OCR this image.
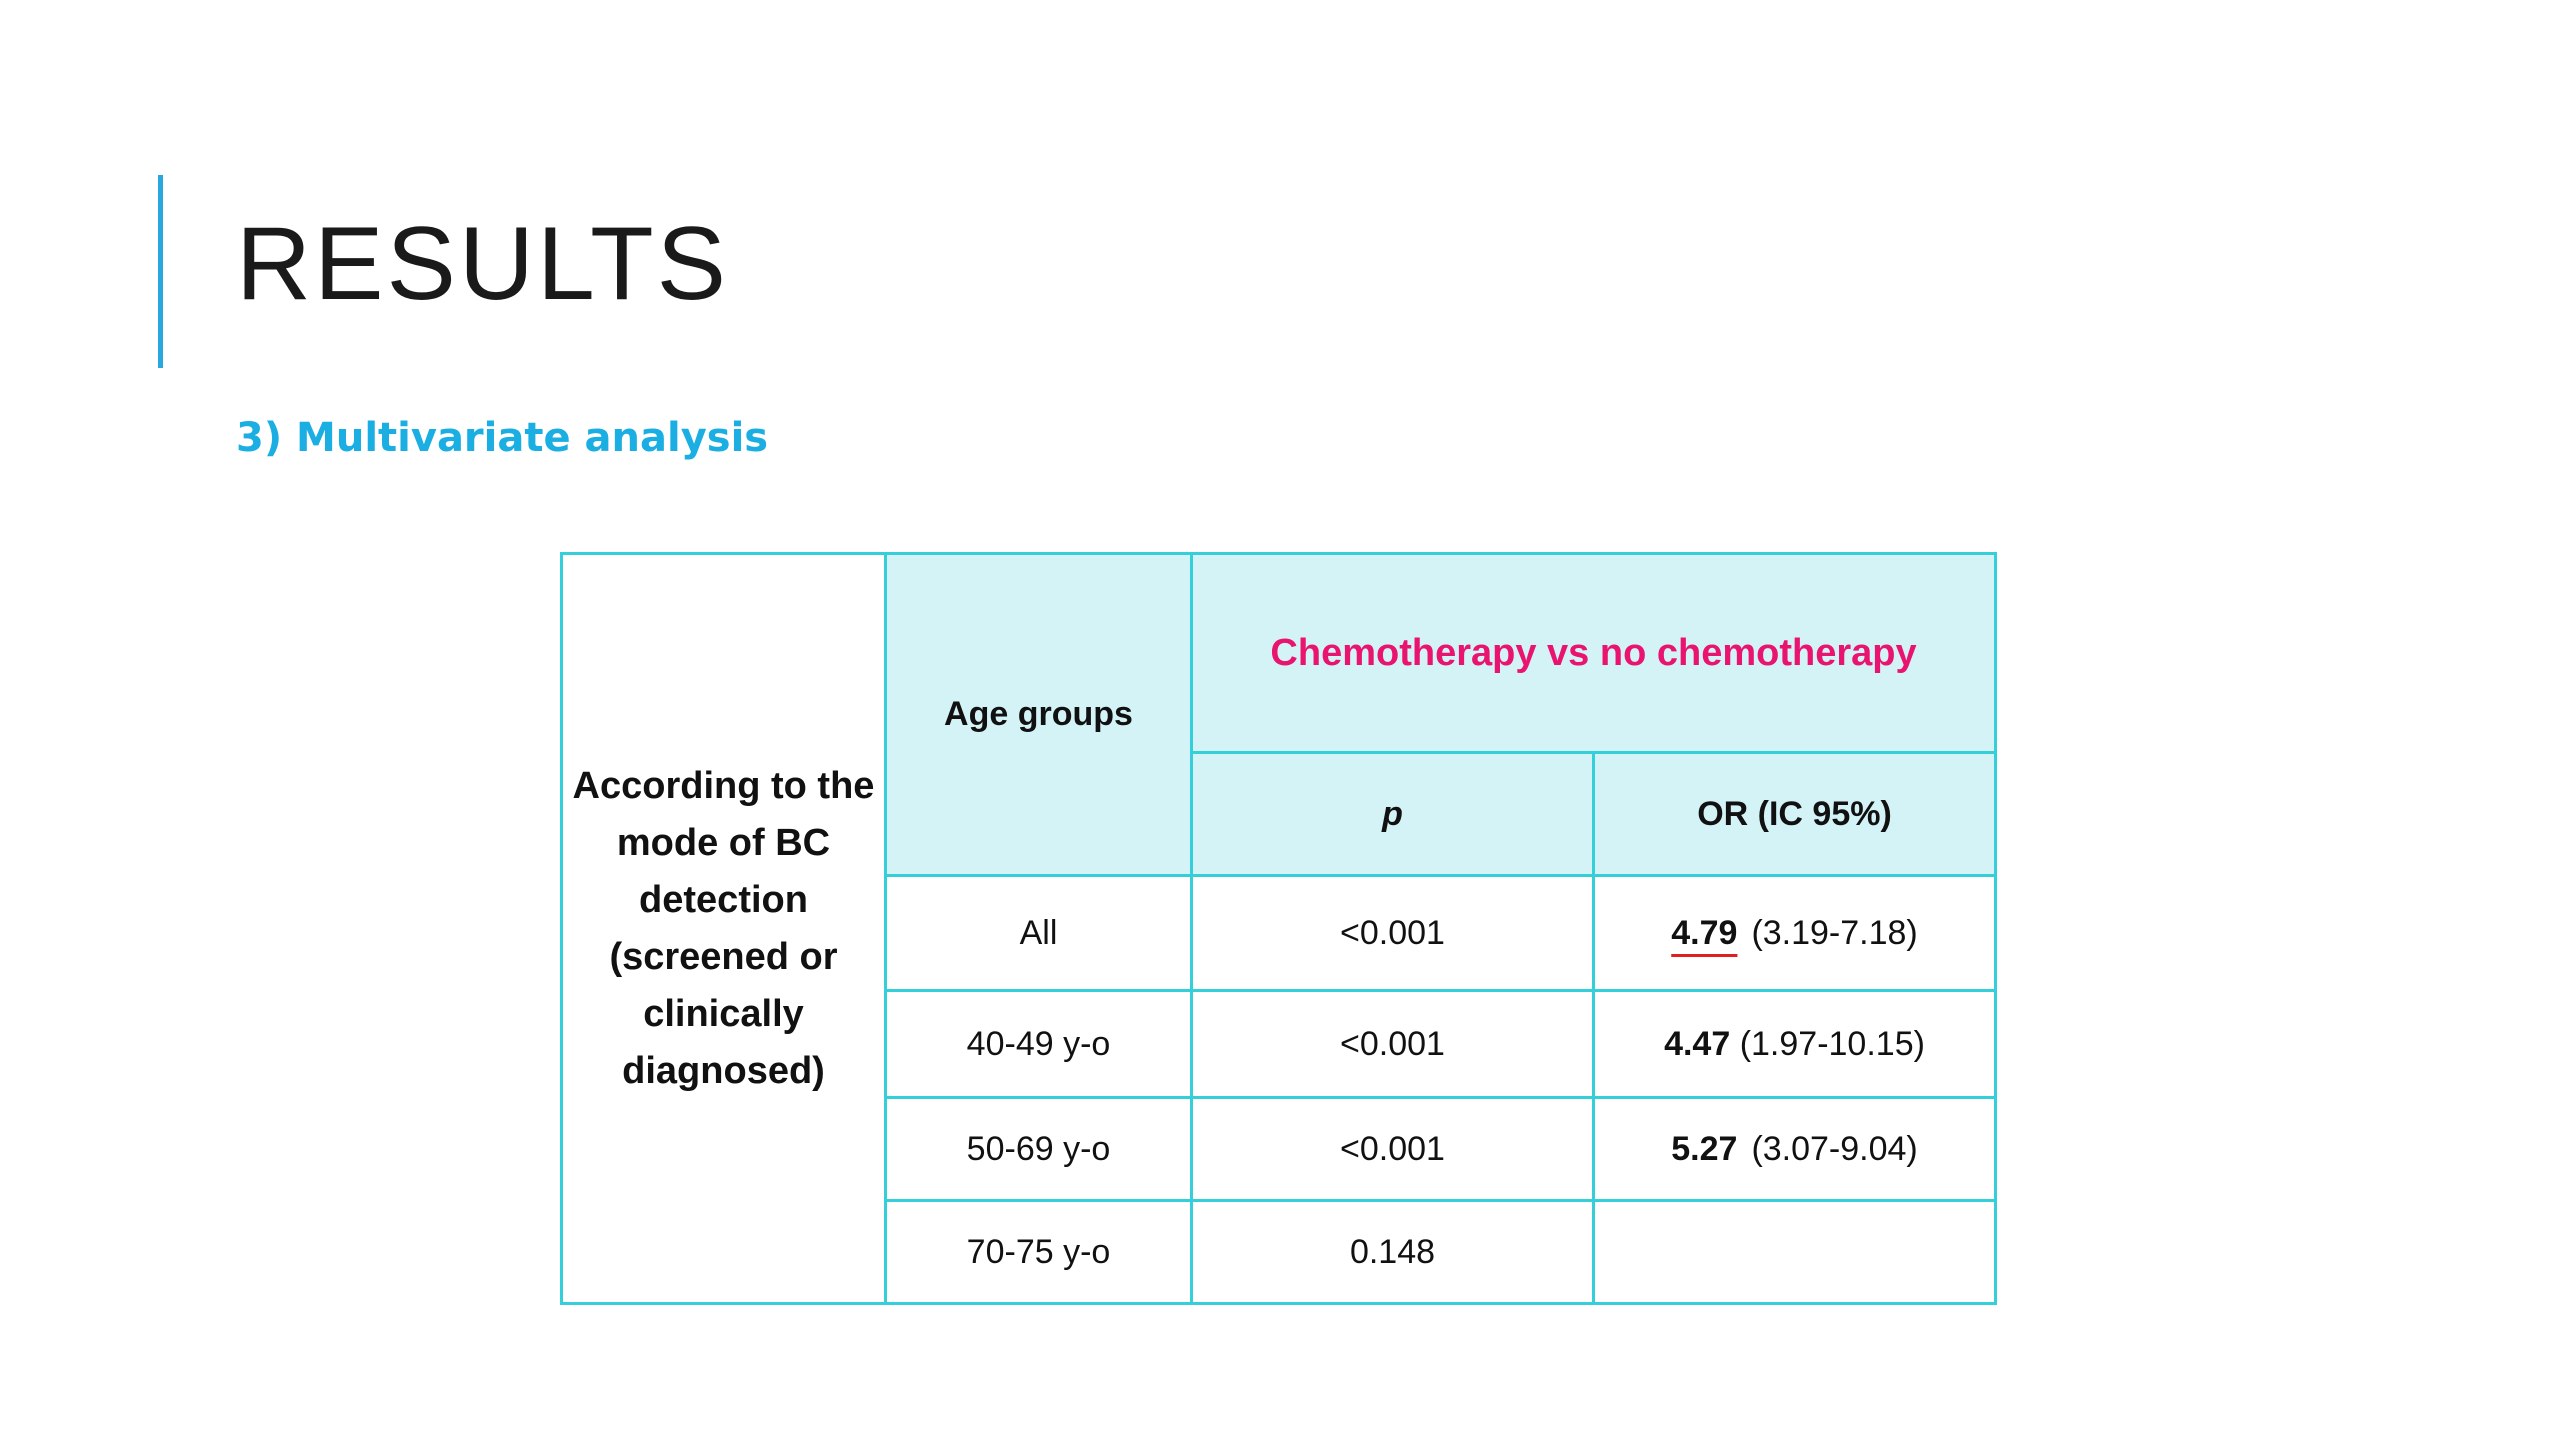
RESULTS
3) Multivariate analysis
According to the mode of BC detection (screened or clinically diagnosed)	Age groups	Chemotherapy vs no chemotherapy	
		p	OR (IC 95%)
	All	<0.001	4.79 (3.19-7.18)
	40-49 y-o	<0.001	4.47 (1.97-10.15)
	50-69 y-o	<0.001	5.27 (3.07-9.04)
	70-75 y-o	0.148	
